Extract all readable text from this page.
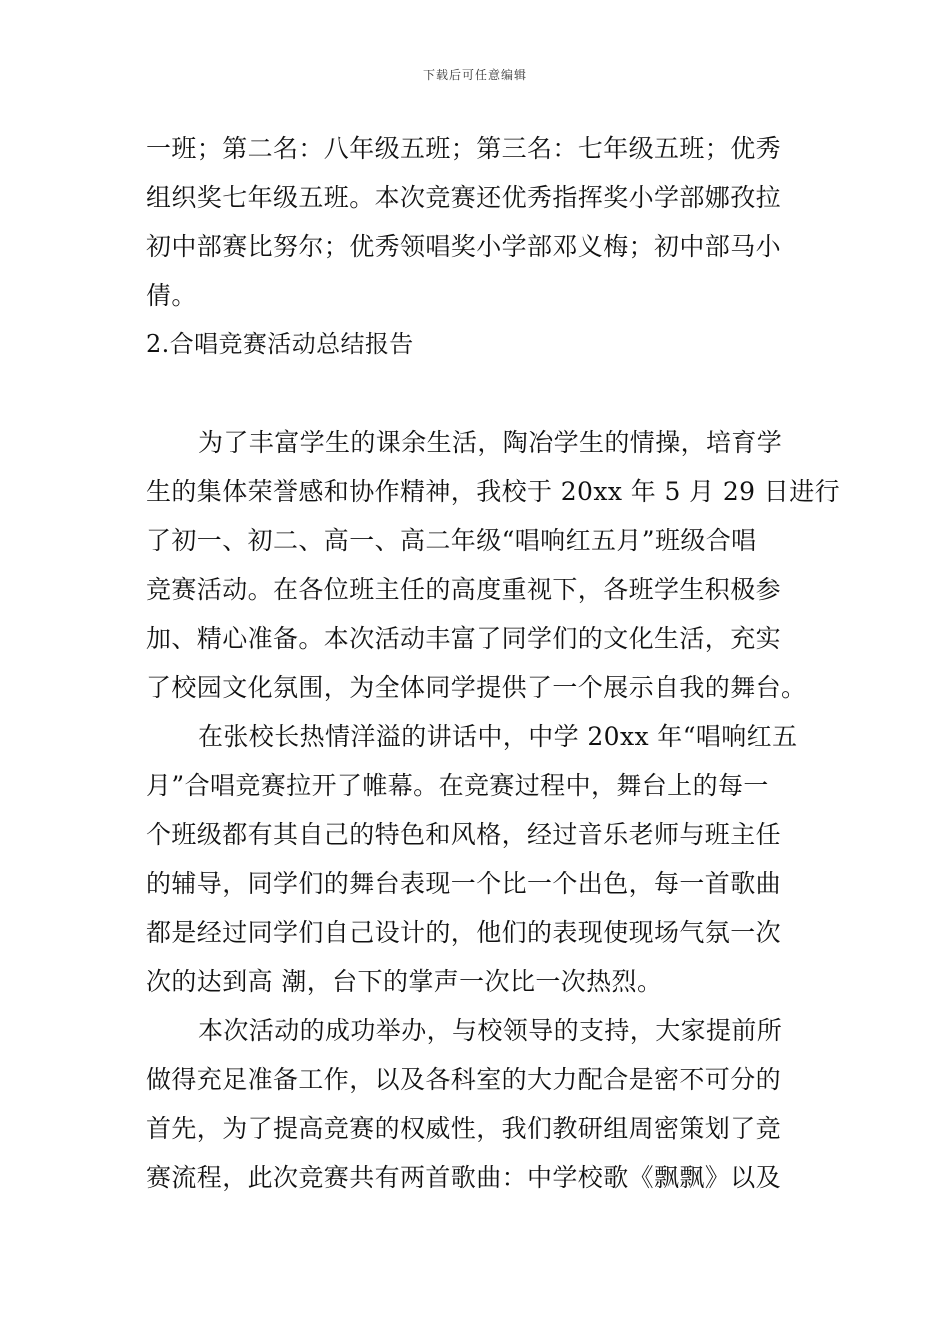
下载后可任意编辑
一班；第二名：八年级五班；第三名：七年级五班；优秀
组织奖七年级五班。本次竞赛还优秀指挥奖小学部娜孜拉
初中部赛比努尔；优秀领唱奖小学部邓义梅；初中部马小
倩。
2.合唱竞赛活动总结报告
为了丰富学生的课余生活，陶冶学生的情操，培育学
生的集体荣誉感和协作精神，我校于 20xx 年 5 月 29 日进行
了初一、初二、高一、高二年级“唱响红五月”班级合唱
竞赛活动。在各位班主任的高度重视下，各班学生积极参
加、精心准备。本次活动丰富了同学们的文化生活，充实
了校园文化氛围，为全体同学提供了一个展示自我的舞台。
在张校长热情洋溢的讲话中，中学 20xx 年“唱响红五
月”合唱竞赛拉开了帷幕。在竞赛过程中，舞台上的每一
个班级都有其自己的特色和风格，经过音乐老师与班主任
的辅导，同学们的舞台表现一个比一个出色，每一首歌曲
都是经过同学们自己设计的，他们的表现使现场气氛一次
次的达到高 潮，台下的掌声一次比一次热烈。
本次活动的成功举办，与校领导的支持，大家提前所
做得充足准备工作，以及各科室的大力配合是密不可分的
首先，为了提高竞赛的权威性，我们教研组周密策划了竞
赛流程，此次竞赛共有两首歌曲：中学校歌《飘飘》以及
